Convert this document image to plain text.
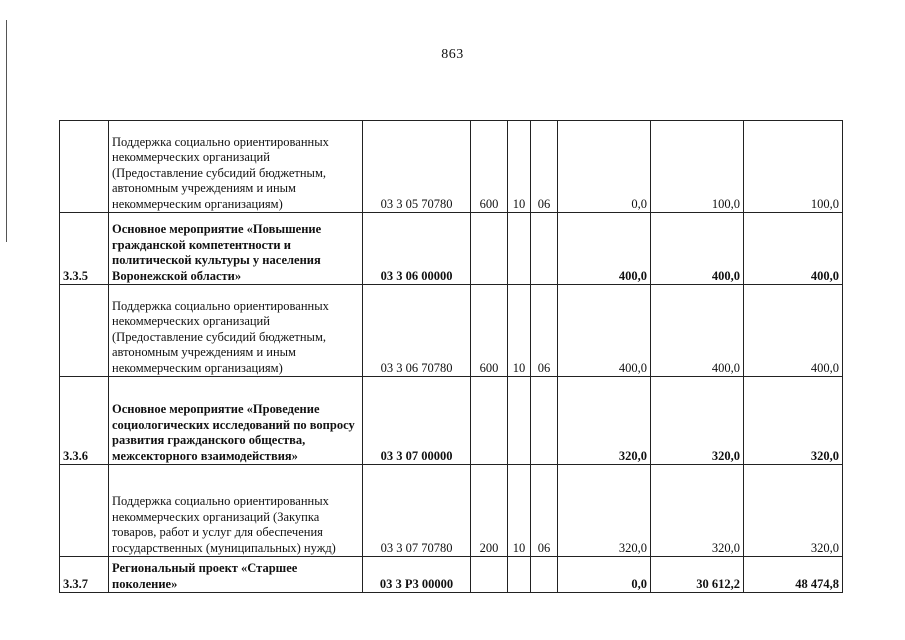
863
	Поддержка социально ориентированных некоммерческих организаций (Предоставление субсидий бюджетным, автономным учреждениям и иным некоммерческим организациям)	03 3 05 70780	600	10	06	0,0	100,0	100,0
3.3.5	Основное мероприятие «Повышение гражданской компетентности и политической культуры у населения Воронежской области»	03 3 06 00000				400,0	400,0	400,0
	Поддержка социально ориентированных некоммерческих организаций (Предоставление субсидий бюджетным, автономным учреждениям и иным некоммерческим организациям)	03 3 06 70780	600	10	06	400,0	400,0	400,0
3.3.6	Основное мероприятие «Проведение социологических исследований по вопросу развития гражданского общества, межсекторного взаимодействия»	03 3 07 00000				320,0	320,0	320,0
	Поддержка социально ориентированных некоммерческих организаций (Закупка товаров, работ и услуг для обеспечения государственных (муниципальных) нужд)	03 3 07 70780	200	10	06	320,0	320,0	320,0
3.3.7	Региональный проект «Старшее поколение»	03 3 P3 00000				0,0	30 612,2	48 474,8
